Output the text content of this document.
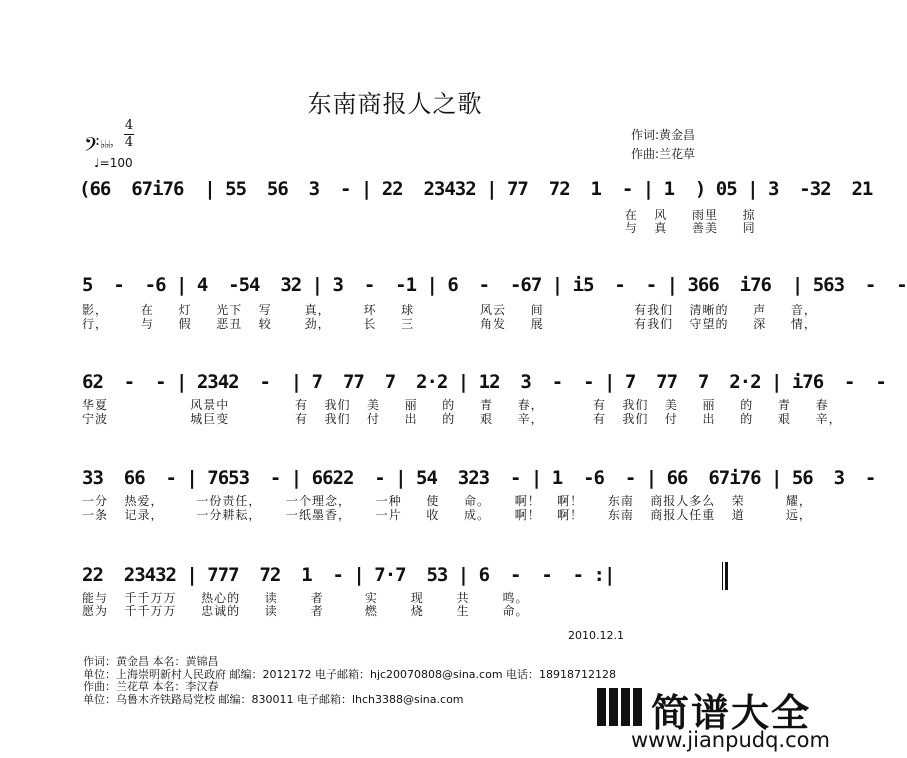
东南商报人之歌
𝄢 ♭♭♭
4
4
♩=100
作词:黄金昌
作曲:兰花草
(66  67i76  | 55  56  3  - | 22  23432 | 77  72  1  - | 1  ) 05 | 3  -32  21
在  风   雨里   掠
与  真   善美   同
5  -  -6 | 4  -54  32 | 3  -  -1 | 6  -  -67 | i5  -  - | 366  i76  | 563  -  -
影，    在   灯   光下  写    真，    环   球        风云   间           有我们  清晰的   声   音，
行，    与   假   恶丑  较    劲，    长   三        角发   展           有我们  守望的   深   情，
62  -  - | 2342  -  | 7  77  7  2·2 | 12  3  -  - | 7  77  7  2·2 | i76  -  -
华夏          风景中        有  我们  美   丽   的   青   春，      有  我们  美   丽   的   青   春
宁波          城巨变        有  我们  付   出   的   艰   辛，      有  我们  付   出   的   艰   辛，
33  66  - | 7653  - | 6622  - | 54  323  - | 1  -6  - | 66  67i76 | 56  3  -
一分  热爱，    一份责任，   一个理念，   一种   使   命。   啊！  啊！   东南  商报人多么  荣     耀，
一条  记录，    一分耕耘，   一纸墨香，   一片   收   成。   啊！  啊！   东南  商报人任重  道     远，
22  23432 | 777  72  1  - | 7·7  53 | 6  -  -  - :|
能与  千千万万   热心的   读    者     实    现    共    鸣。
愿为  千千万万   忠诚的   读    者     燃    烧    生    命。
2010.12.1
作词：黄金昌 本名：黄锦昌
单位：上海崇明新村人民政府 邮编：2012172 电子邮箱：hjc20070808@sina.com 电话：18918712128
作曲：兰花草 本名：李汉春
单位：乌鲁木齐铁路局党校 邮编：830011 电子邮箱：lhch3388@sina.com	简谱大全
www.jianpudq.com
